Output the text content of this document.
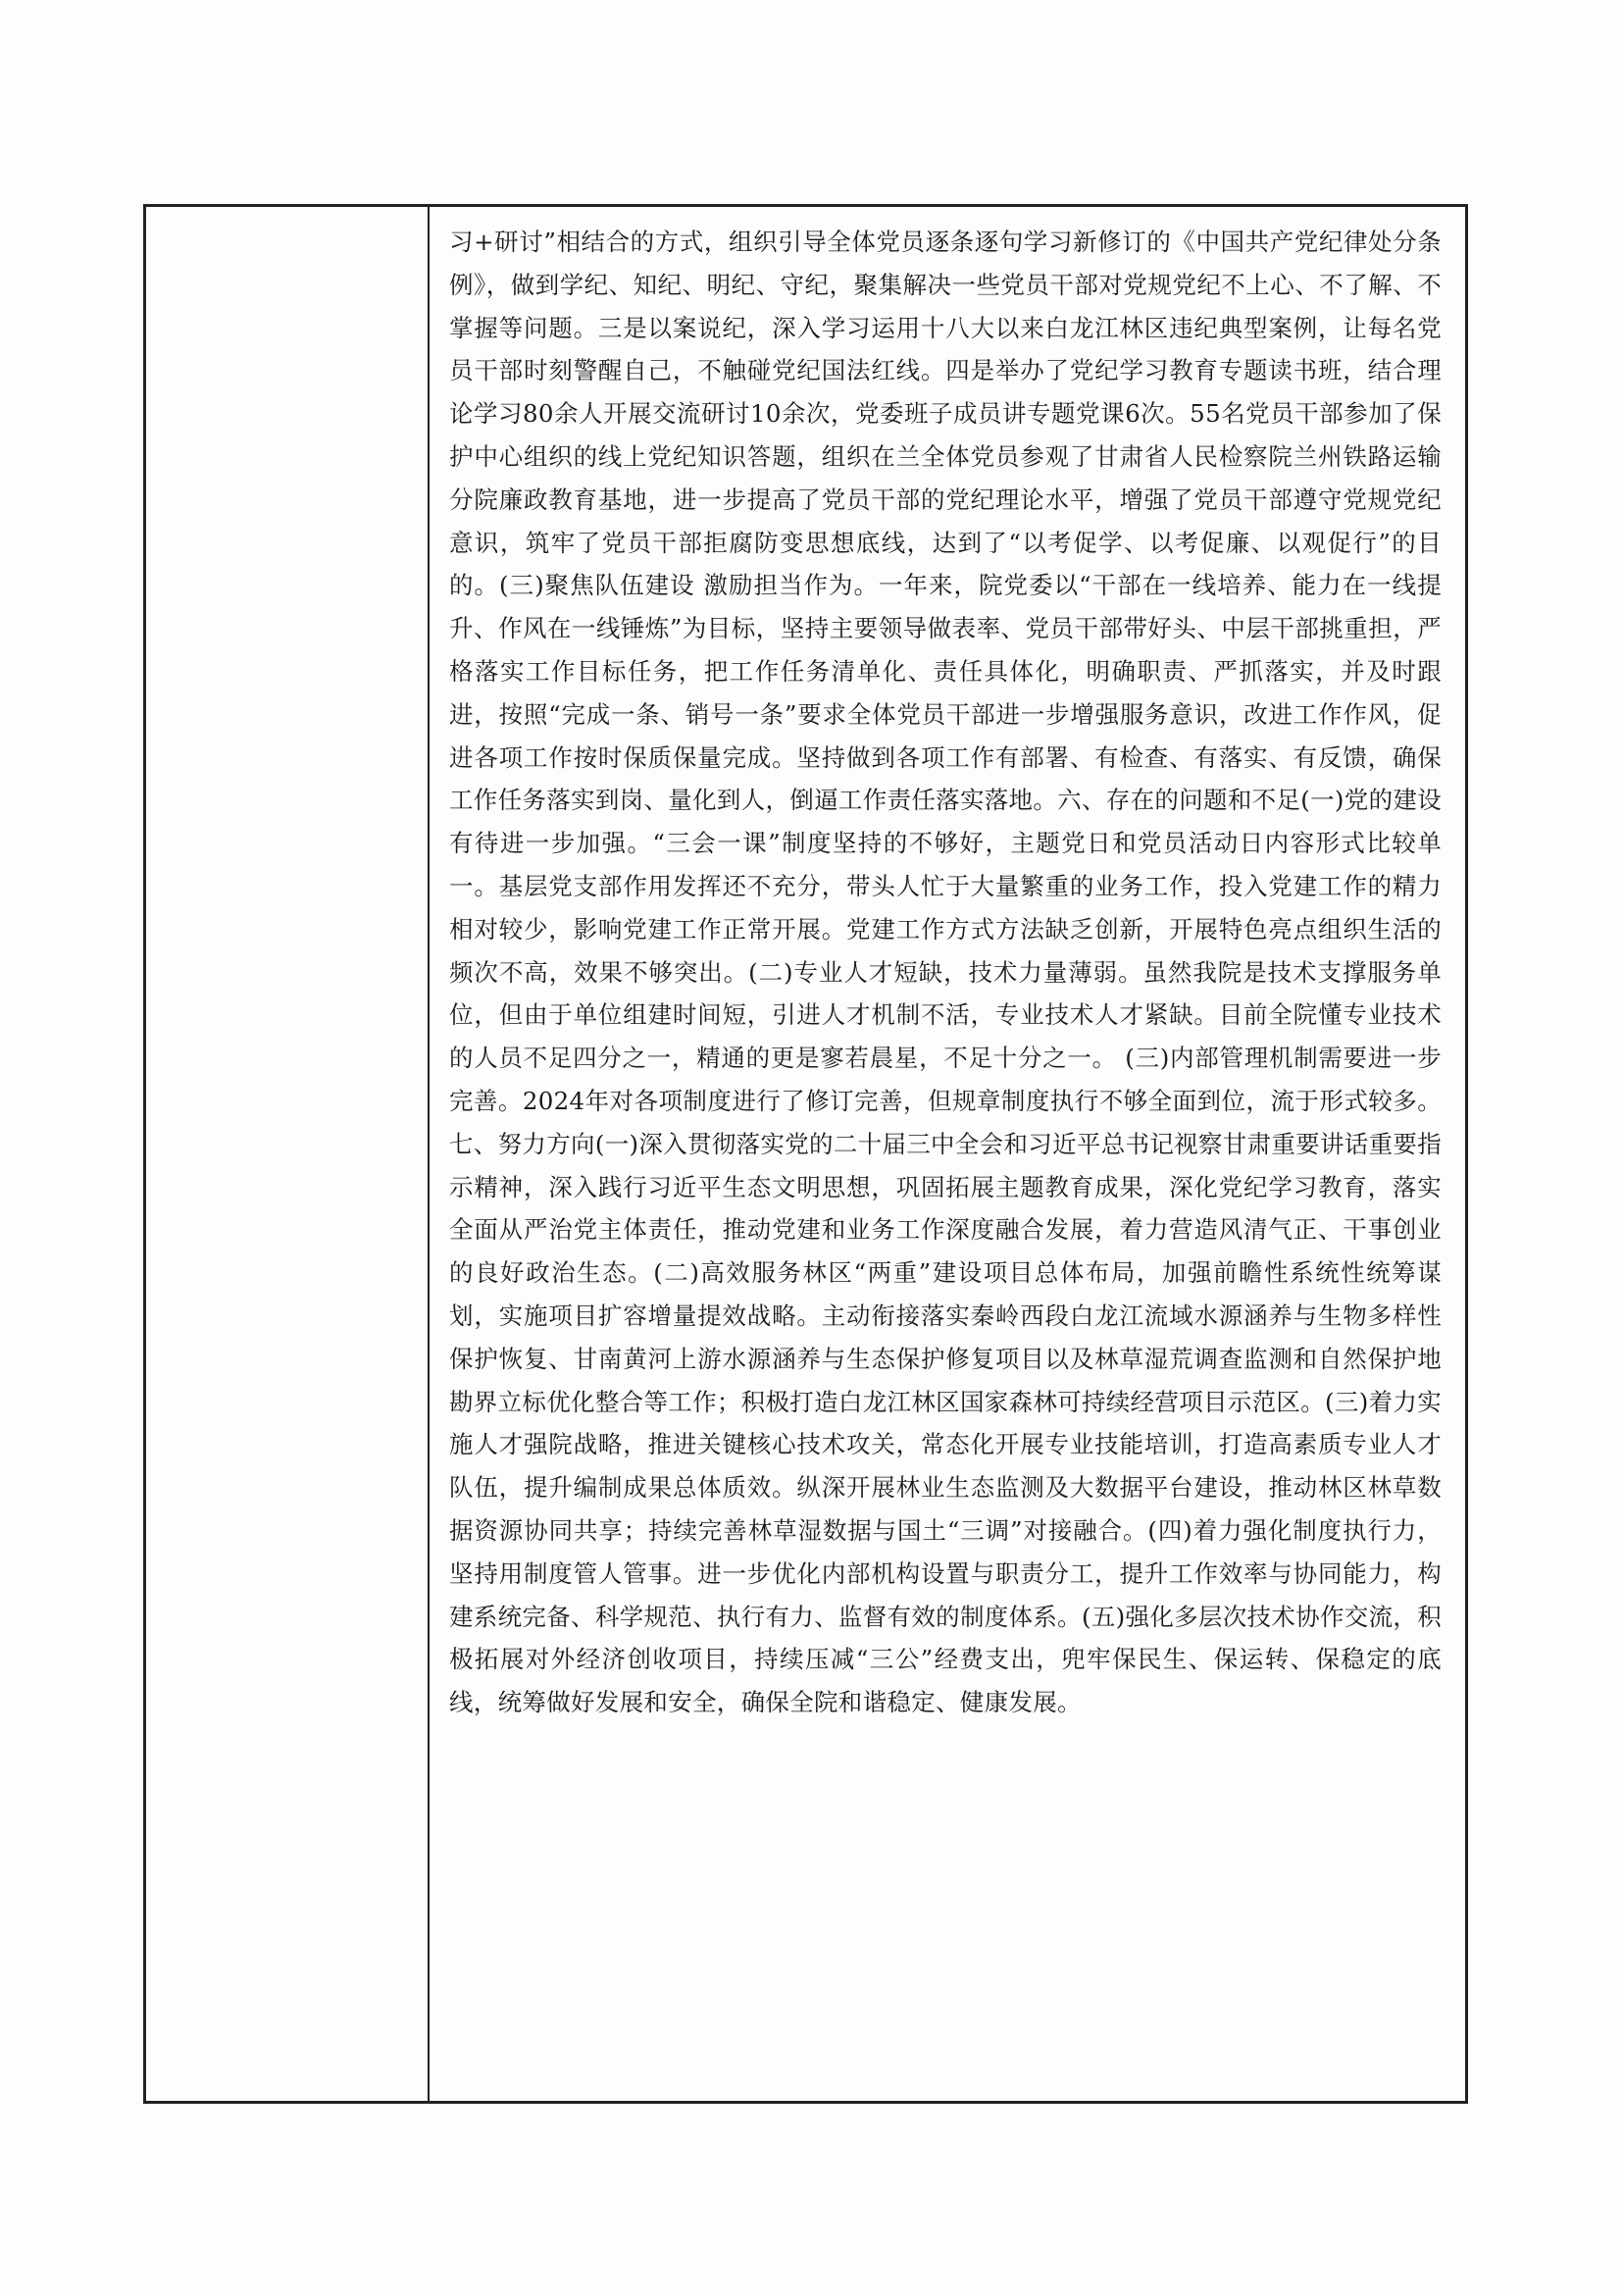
习+研讨”相结合的方式，组织引导全体党员逐条逐句学习新修订的《中国共产党纪律处分条例》，做到学纪、知纪、明纪、守纪，聚集解决一些党员干部对党规党纪不上心、不了解、不掌握等问题。三是以案说纪，深入学习运用十八大以来白龙江林区违纪典型案例，让每名党员干部时刻警醒自己，不触碰党纪国法红线。四是举办了党纪学习教育专题读书班，结合理论学习80余人开展交流研讨10余次，党委班子成员讲专题党课6次。55名党员干部参加了保护中心组织的线上党纪知识答题，组织在兰全体党员参观了甘肃省人民检察院兰州铁路运输分院廉政教育基地，进一步提高了党员干部的党纪理论水平，增强了党员干部遵守党规党纪意识，筑牢了党员干部拒腐防变思想底线，达到了“以考促学、以考促廉、以观促行”的目的。(三)聚焦队伍建设 激励担当作为。一年来，院党委以“干部在一线培养、能力在一线提升、作风在一线锤炼”为目标，坚持主要领导做表率、党员干部带好头、中层干部挑重担，严格落实工作目标任务，把工作任务清单化、责任具体化，明确职责、严抓落实，并及时跟进，按照“完成一条、销号一条”要求全体党员干部进一步增强服务意识，改进工作作风，促进各项工作按时保质保量完成。坚持做到各项工作有部署、有检查、有落实、有反馈，确保工作任务落实到岗、量化到人，倒逼工作责任落实落地。六、存在的问题和不足(一)党的建设有待进一步加强。“三会一课”制度坚持的不够好，主题党日和党员活动日内容形式比较单一。基层党支部作用发挥还不充分，带头人忙于大量繁重的业务工作，投入党建工作的精力相对较少，影响党建工作正常开展。党建工作方式方法缺乏创新，开展特色亮点组织生活的频次不高，效果不够突出。(二)专业人才短缺，技术力量薄弱。虽然我院是技术支撑服务单位，但由于单位组建时间短，引进人才机制不活，专业技术人才紧缺。目前全院懂专业技术的人员不足四分之一，精通的更是寥若晨星，不足十分之一。 (三)内部管理机制需要进一步完善。2024年对各项制度进行了修订完善，但规章制度执行不够全面到位，流于形式较多。七、努力方向(一)深入贯彻落实党的二十届三中全会和习近平总书记视察甘肃重要讲话重要指示精神，深入践行习近平生态文明思想，巩固拓展主题教育成果，深化党纪学习教育，落实全面从严治党主体责任，推动党建和业务工作深度融合发展，着力营造风清气正、干事创业的良好政治生态。(二)高效服务林区“两重”建设项目总体布局，加强前瞻性系统性统筹谋划，实施项目扩容增量提效战略。主动衔接落实秦岭西段白龙江流域水源涵养与生物多样性保护恢复、甘南黄河上游水源涵养与生态保护修复项目以及林草湿荒调查监测和自然保护地勘界立标优化整合等工作；积极打造白龙江林区国家森林可持续经营项目示范区。(三)着力实施人才强院战略，推进关键核心技术攻关，常态化开展专业技能培训，打造高素质专业人才队伍，提升编制成果总体质效。纵深开展林业生态监测及大数据平台建设，推动林区林草数据资源协同共享；持续完善林草湿数据与国土“三调”对接融合。(四)着力强化制度执行力，坚持用制度管人管事。进一步优化内部机构设置与职责分工，提升工作效率与协同能力，构建系统完备、科学规范、执行有力、监督有效的制度体系。(五)强化多层次技术协作交流，积极拓展对外经济创收项目，持续压减“三公”经费支出，兜牢保民生、保运转、保稳定的底线，统筹做好发展和安全，确保全院和谐稳定、健康发展。
